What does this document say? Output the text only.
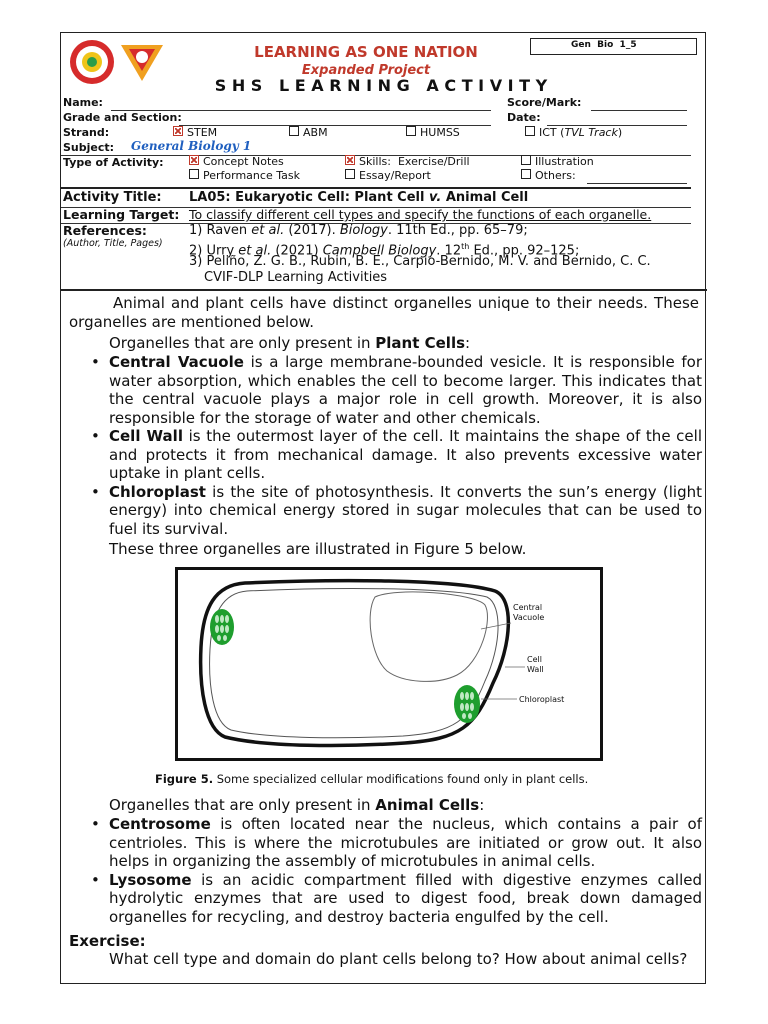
LEARNING AS ONE NATION
Expanded Project
Gen  Bio  1_5
S H S   L E A R N I N G   A C T I V I T Y
Name:	Score/Mark:
Grade and Section:	Date:
Strand:	STEM	ABM	HUMSS	ICT (TVL Track)
Subject: General Biology 1
Type of Activity:	Concept Notes	Skills:  Exercise/Drill	Illustration
Performance Task	Essay/Report	Others:
Activity Title: LA05: Eukaryotic Cell: Plant Cell v. Animal Cell
Learning Target: To classify different cell types and specify the functions of each organelle.
References:
(Author, Title, Pages)
1) Raven et al. (2017). Biology. 11th Ed., pp. 65–79;
2) Urry et al. (2021) Campbell Biology. 12th Ed., pp. 92–125;
3) Peliño, Z. G. B., Rubin, B. E., Carpio-Bernido, M. V. and Bernido, C. C.
CVIF-DLP Learning Activities
Animal and plant cells have distinct organelles unique to their needs. These organelles are mentioned below.
Organelles that are only present in Plant Cells:
• Central Vacuole is a large membrane-bounded vesicle. It is responsible for water absorption, which enables the cell to become larger. This indicates that the central vacuole plays a major role in cell growth. Moreover, it is also responsible for the storage of water and other chemicals.
• Cell Wall is the outermost layer of the cell. It maintains the shape of the cell and protects it from mechanical damage. It also prevents excessive water uptake in plant cells.
• Chloroplast is the site of photosynthesis. It converts the sun’s energy (light energy) into chemical energy stored in sugar molecules that can be used to fuel its survival.
These three organelles are illustrated in Figure 5 below.
Central
Vacuole
Cell
Wall
Chloroplast
Figure 5. Some specialized cellular modifications found only in plant cells.
Organelles that are only present in Animal Cells:
• Centrosome is often located near the nucleus, which contains a pair of centrioles. This is where the microtubules are initiated or grow out. It also helps in organizing the assembly of microtubules in animal cells.
• Lysosome is an acidic compartment filled with digestive enzymes called hydrolytic enzymes that are used to digest food, break down damaged organelles for recycling, and destroy bacteria engulfed by the cell.
Exercise:
What cell type and domain do plant cells belong to? How about animal cells?
